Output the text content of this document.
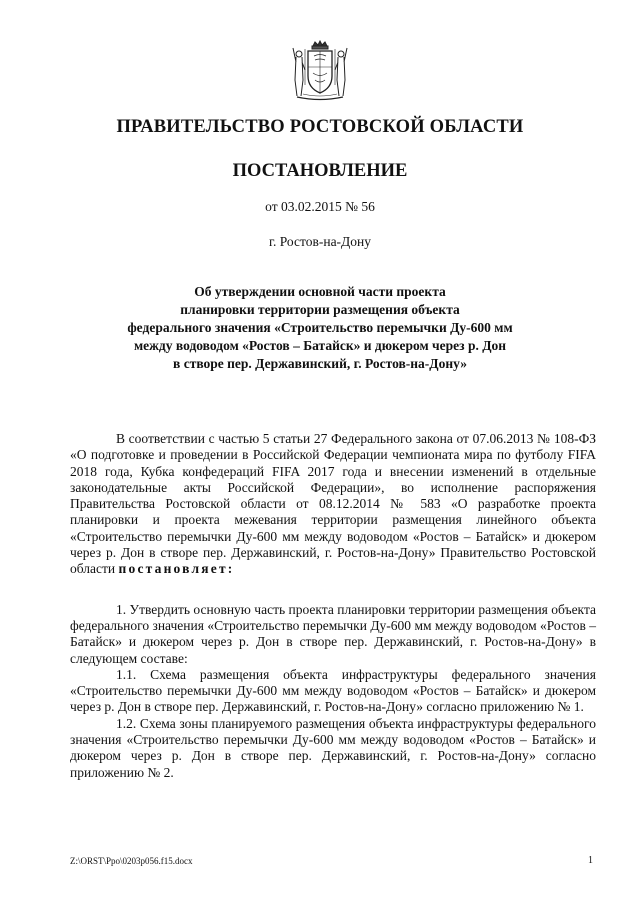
ПРАВИТЕЛЬСТВО РОСТОВСКОЙ ОБЛАСТИ
ПОСТАНОВЛЕНИЕ
от 03.02.2015 № 56
г. Ростов-на-Дону
Об утверждении основной части проекта
планировки территории размещения объекта
федерального значения «Строительство перемычки Ду-600 мм
между водоводом «Ростов – Батайск» и дюкером через р. Дон
в створе пер. Державинский, г. Ростов-на-Дону»

В соответствии с частью 5 статьи 27 Федерального закона от 07.06.2013 № 108-ФЗ «О подготовке и проведении в Российской Федерации чемпионата мира по футболу FIFA 2018 года, Кубка конфедераций FIFA 2017 года и внесении изменений в отдельные законодательные акты Российской Федерации», во исполнение распоряжения Правительства Ростовской области от 08.12.2014 № 583 «О разработке проекта планировки и проекта межевания территории размещения линейного объекта «Строительство перемычки Ду-600 мм между водоводом «Ростов – Батайск» и дюкером через р. Дон в створе пер. Державинский, г. Ростов-на-Дону» Правительство Ростовской области постановляет:

1. Утвердить основную часть проекта планировки территории размещения объекта федерального значения «Строительство перемычки Ду-600 мм между водоводом «Ростов – Батайск» и дюкером через р. Дон в створе пер. Державинский, г. Ростов-на-Дону» в следующем составе:

1.1. Схема размещения объекта инфраструктуры федерального значения «Строительство перемычки Ду-600 мм между водоводом «Ростов – Батайск» и дюкером через р. Дон в створе пер. Державинский, г. Ростов-на-Дону» согласно приложению № 1.

1.2. Схема зоны планируемого размещения объекта инфраструктуры федерального значения «Строительство перемычки Ду-600 мм между водоводом «Ростов – Батайск» и дюкером через р. Дон в створе пер. Державинский, г. Ростов-на-Дону» согласно приложению № 2.

Z:\ORST\Ppo\0203p056.f15.docx	1
